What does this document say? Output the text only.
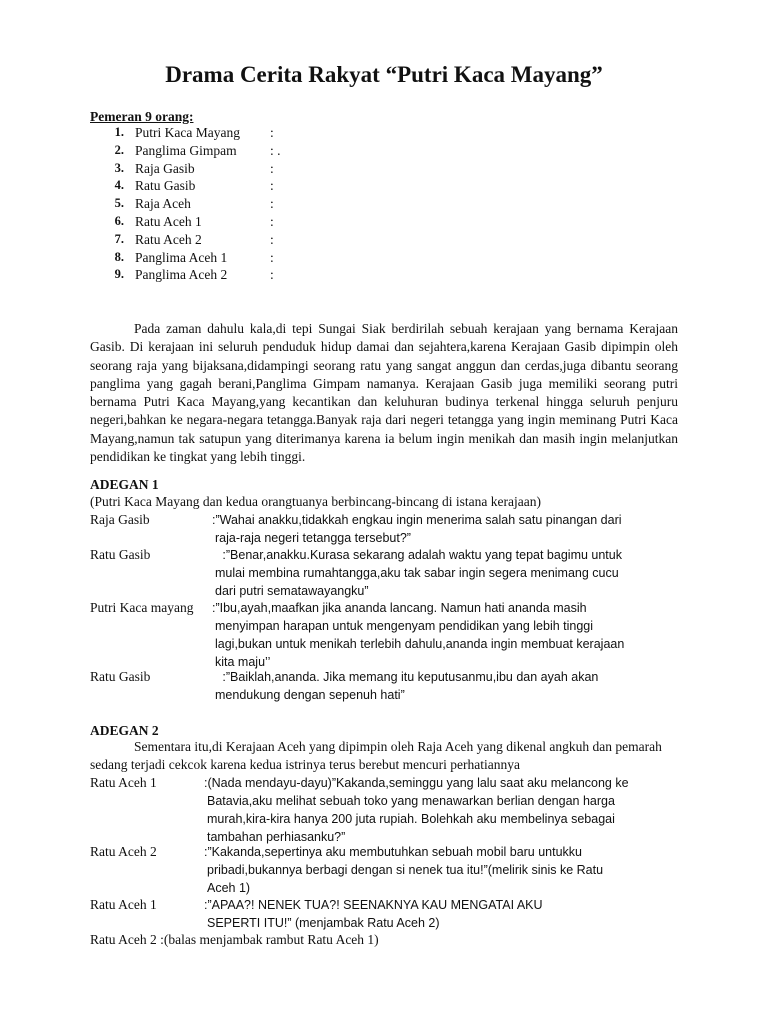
Drama Cerita Rakyat “Putri Kaca Mayang”
Pemeran 9 orang:
1. Putri Kaca Mayang :
2. Panglima Gimpam : .
3. Raja Gasib	:
4. Ratu Gasib	:
5. Raja Aceh	:
6. Ratu Aceh 1	:
7. Ratu Aceh 2	:
8. Panglima Aceh 1	:
9. Panglima Aceh 2	:

Pada zaman dahulu kala,di tepi Sungai Siak berdirilah sebuah kerajaan yang bernama Kerajaan Gasib. Di kerajaan ini seluruh penduduk hidup damai dan sejahtera,karena Kerajaan Gasib dipimpin oleh seorang raja yang bijaksana,didampingi seorang ratu yang sangat anggun dan cerdas,juga dibantu seorang panglima yang gagah berani,Panglima Gimpam namanya. Kerajaan Gasib juga memiliki seorang putri bernama Putri Kaca Mayang,yang kecantikan dan keluhuran budinya terkenal hingga seluruh penjuru negeri,bahkan ke negara-negara tetangga.Banyak raja dari negeri tetangga yang ingin meminang Putri Kaca Mayang,namun tak satupun yang diterimanya karena ia belum ingin menikah dan masih ingin melanjutkan pendidikan ke tingkat yang lebih tinggi.

ADEGAN 1
(Putri Kaca Mayang dan kedua orangtuanya berbincang-bincang di istana kerajaan)
Raja Gasib	:”Wahai anakku,tidakkah engkau ingin menerima salah satu pinangan dari
raja-raja negeri tetangga tersebut?”
Ratu Gasib	:”Benar,anakku.Kurasa sekarang adalah waktu yang tepat bagimu untuk
mulai membina rumahtangga,aku tak sabar ingin segera menimang cucu
dari putri sematawayangku”
Putri Kaca mayang :”Ibu,ayah,maafkan jika ananda lancang. Namun hati ananda masih
menyimpan harapan untuk mengenyam pendidikan yang lebih tinggi
lagi,bukan untuk menikah terlebih dahulu,ananda ingin membuat kerajaan
kita maju’’
Ratu Gasib	:”Baiklah,ananda. Jika memang itu keputusanmu,ibu dan ayah akan
mendukung dengan sepenuh hati”
ADEGAN 2

Sementara itu,di Kerajaan Aceh yang dipimpin oleh Raja Aceh yang dikenal angkuh dan pemarah sedang terjadi cekcok karena kedua istrinya terus berebut mencuri perhatiannya

Ratu Aceh 1	:(Nada mendayu-dayu)”Kakanda,seminggu yang lalu saat aku melancong ke
Batavia,aku melihat sebuah toko yang menawarkan berlian dengan harga
murah,kira-kira hanya 200 juta rupiah. Bolehkah aku membelinya sebagai
tambahan perhiasanku?”
Ratu Aceh 2	:”Kakanda,sepertinya aku membutuhkan sebuah mobil baru untukku
pribadi,bukannya berbagi dengan si nenek tua itu!”(melirik sinis ke Ratu
Aceh 1)
Ratu Aceh 1	:”APAA?! NENEK TUA?! SEENAKNYA KAU MENGATAI AKU
SEPERTI ITU!” (menjambak Ratu Aceh 2)
Ratu Aceh 2 :(balas menjambak rambut Ratu Aceh 1)
